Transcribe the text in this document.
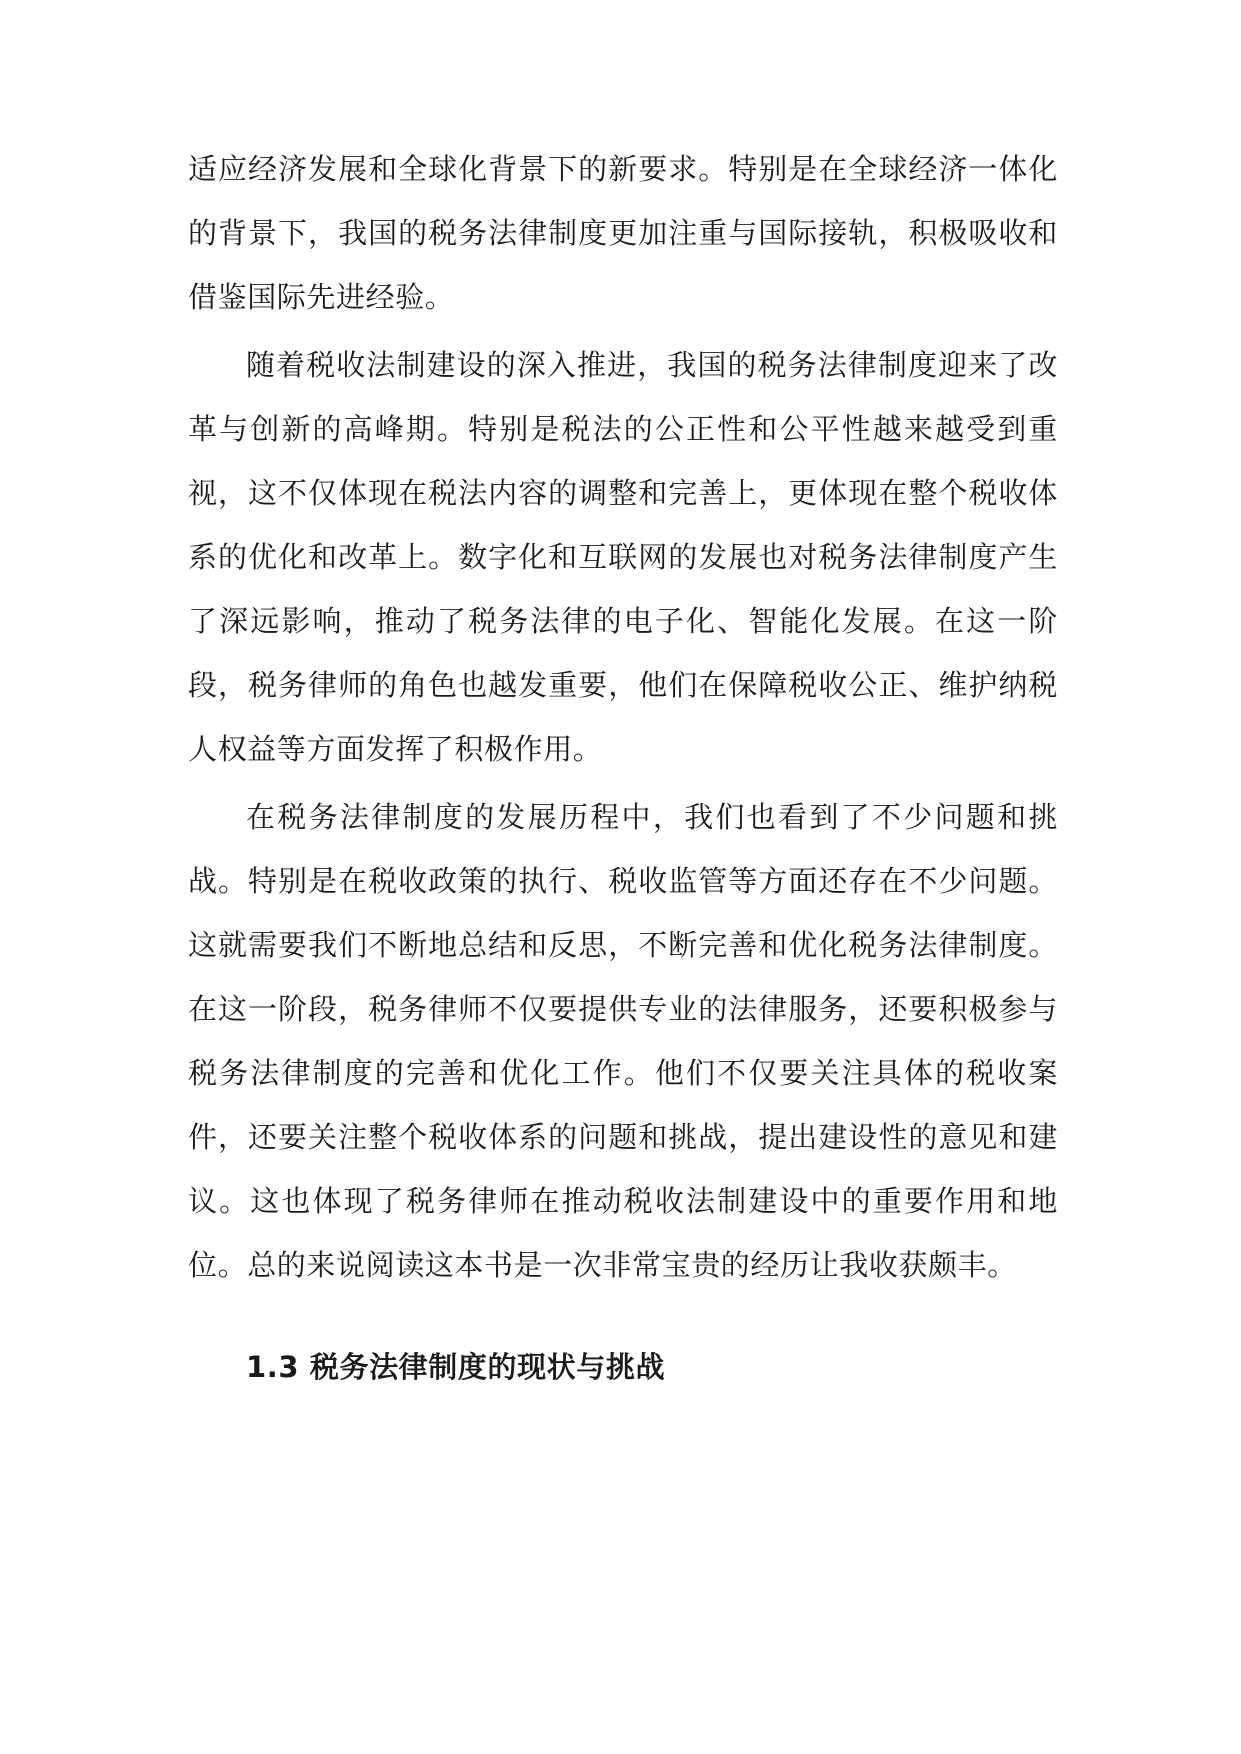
适应经济发展和全球化背景下的新要求。特别是在全球经济一体化的背景下，我国的税务法律制度更加注重与国际接轨，积极吸收和借鉴国际先进经验。

随着税收法制建设的深入推进，我国的税务法律制度迎来了改革与创新的高峰期。特别是税法的公正性和公平性越来越受到重视，这不仅体现在税法内容的调整和完善上，更体现在整个税收体系的优化和改革上。数字化和互联网的发展也对税务法律制度产生了深远影响，推动了税务法律的电子化、智能化发展。在这一阶段，税务律师的角色也越发重要，他们在保障税收公正、维护纳税人权益等方面发挥了积极作用。

在税务法律制度的发展历程中，我们也看到了不少问题和挑战。特别是在税收政策的执行、税收监管等方面还存在不少问题。这就需要我们不断地总结和反思，不断完善和优化税务法律制度。在这一阶段，税务律师不仅要提供专业的法律服务，还要积极参与税务法律制度的完善和优化工作。他们不仅要关注具体的税收案件，还要关注整个税收体系的问题和挑战，提出建设性的意见和建议。这也体现了税务律师在推动税收法制建设中的重要作用和地位。总的来说阅读这本书是一次非常宝贵的经历让我收获颇丰。

1.3 税务法律制度的现状与挑战
